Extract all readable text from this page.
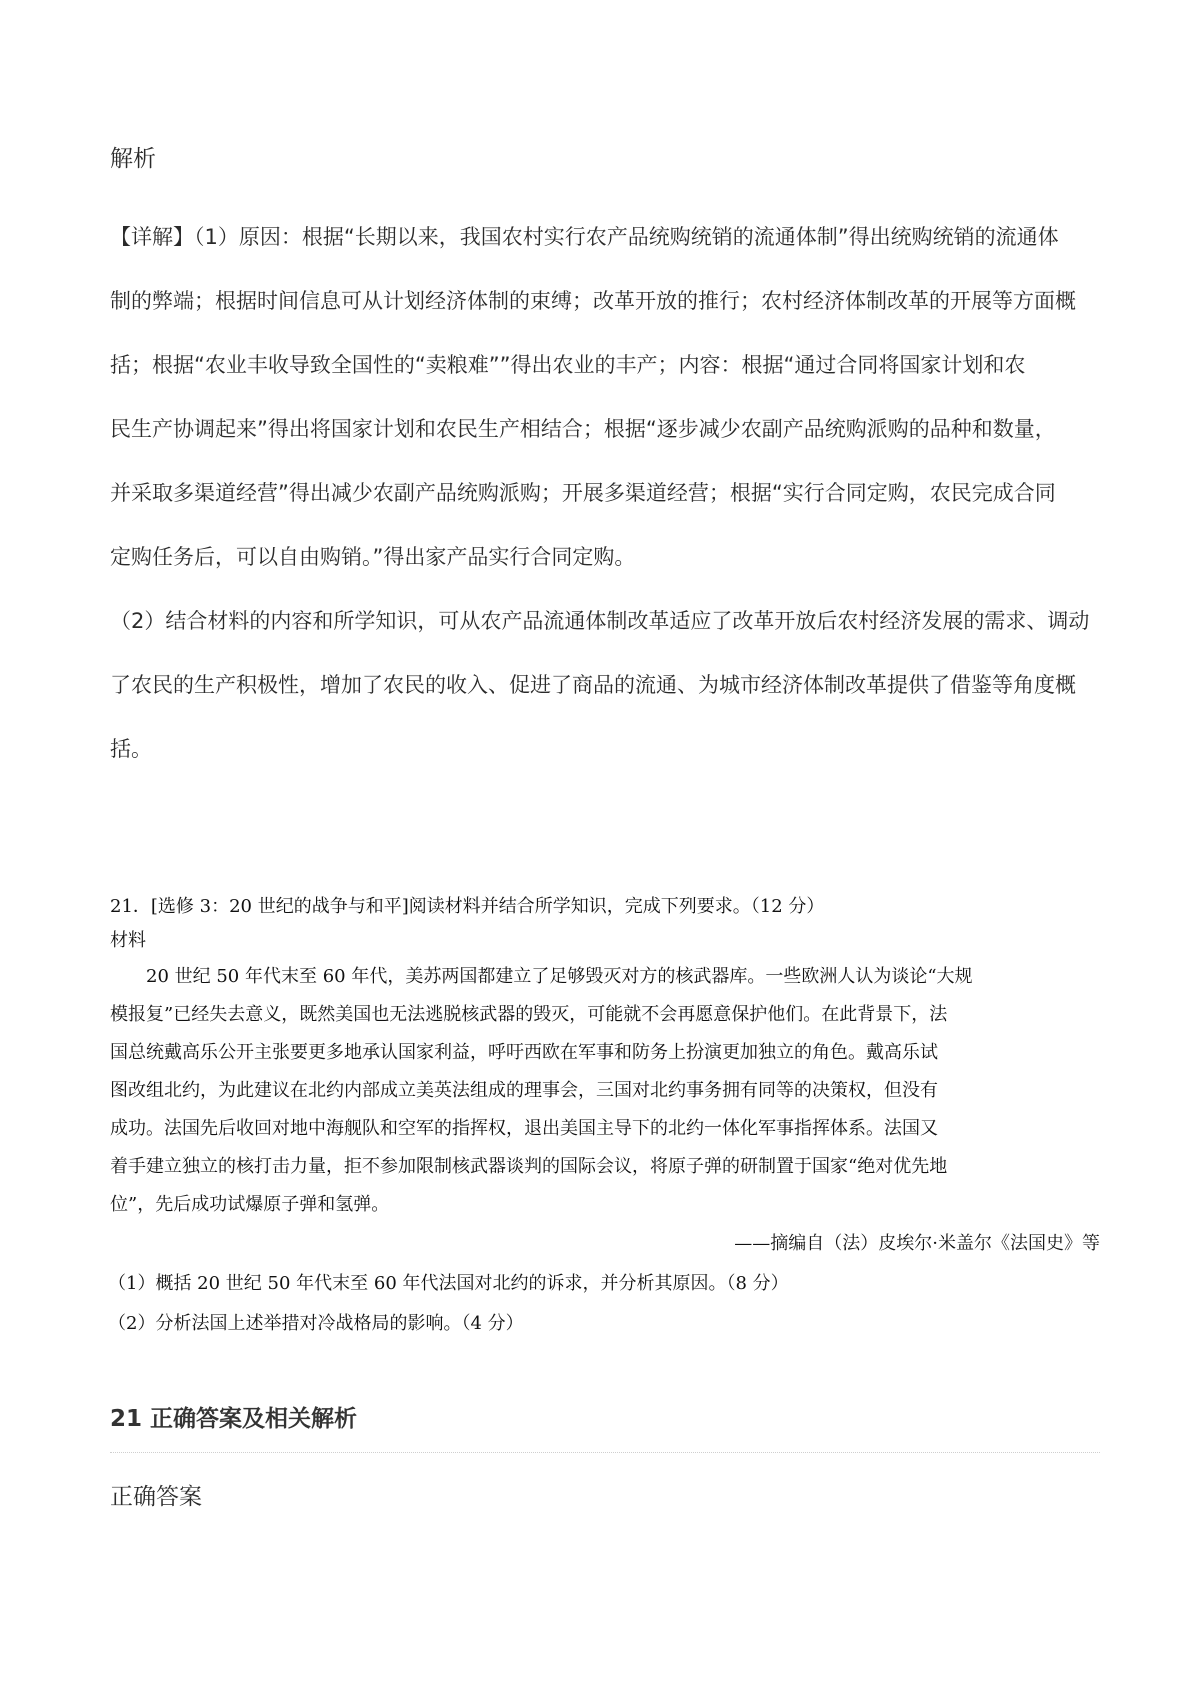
解析

【详解】（1）原因：根据“长期以来，我国农村实行农产品统购统销的流通体制”得出统购统销的流通体

制的弊端；根据时间信息可从计划经济体制的束缚；改革开放的推行；农村经济体制改革的开展等方面概

括；根据“农业丰收导致全国性的“卖粮难””得出农业的丰产；内容：根据“通过合同将国家计划和农

民生产协调起来”得出将国家计划和农民生产相结合；根据“逐步减少农副产品统购派购的品种和数量，

并采取多渠道经营”得出减少农副产品统购派购；开展多渠道经营；根据“实行合同定购，农民完成合同

定购任务后，可以自由购销。”得出家产品实行合同定购。

（2）结合材料的内容和所学知识，可从农产品流通体制改革适应了改革开放后农村经济发展的需求、调动

了农民的生产积极性，增加了农民的收入、促进了商品的流通、为城市经济体制改革提供了借鉴等角度概

括。

21．[选修 3：20 世纪的战争与和平]阅读材料并结合所学知识，完成下列要求。（12 分）
材料

20 世纪 50 年代末至 60 年代，美苏两国都建立了足够毁灭对方的核武器库。一些欧洲人认为谈论“大规

模报复”已经失去意义，既然美国也无法逃脱核武器的毁灭，可能就不会再愿意保护他们。在此背景下，法

国总统戴高乐公开主张要更多地承认国家利益，呼吁西欧在军事和防务上扮演更加独立的角色。戴高乐试

图改组北约，为此建议在北约内部成立美英法组成的理事会，三国对北约事务拥有同等的决策权，但没有

成功。法国先后收回对地中海舰队和空军的指挥权，退出美国主导下的北约一体化军事指挥体系。法国又

着手建立独立的核打击力量，拒不参加限制核武器谈判的国际会议，将原子弹的研制置于国家“绝对优先地

位”，先后成功试爆原子弹和氢弹。

——摘编自（法）皮埃尔·米盖尔《法国史》等
（1）概括 20 世纪 50 年代末至 60 年代法国对北约的诉求，并分析其原因。（8 分）
（2）分析法国上述举措对冷战格局的影响。（4 分）
21 正确答案及相关解析
正确答案
